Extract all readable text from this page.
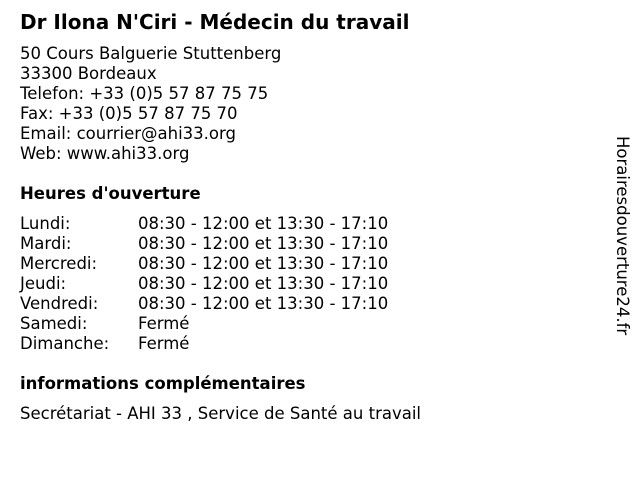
Dr Ilona N'Ciri - Médecin du travail
50 Cours Balguerie Stuttenberg
33300 Bordeaux
Telefon: +33 (0)5 57 87 75 75
Fax: +33 (0)5 57 87 75 70
Email: courrier@ahi33.org
Web: www.ahi33.org
Heures d'ouverture
Lundi:	08:30 - 12:00 et 13:30 - 17:10
Mardi:	08:30 - 12:00 et 13:30 - 17:10
Mercredi:	08:30 - 12:00 et 13:30 - 17:10
Jeudi:	08:30 - 12:00 et 13:30 - 17:10
Vendredi:	08:30 - 12:00 et 13:30 - 17:10
Samedi:	Fermé
Dimanche:	Fermé
informations complémentaires
Secrétariat - AHI 33 , Service de Santé au travail
Horairesdouverture24.fr
